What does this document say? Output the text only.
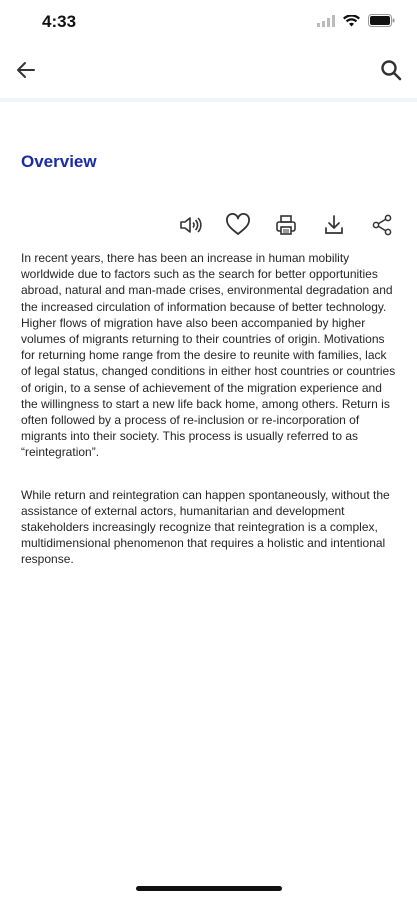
4:33
Overview

In recent years, there has been an increase in human mobility worldwide due to factors such as the search for better opportunities abroad, natural and man-made crises, environmental degradation and the increased circulation of information because of better technology. Higher flows of migration have also been accompanied by higher volumes of migrants returning to their countries of origin. Motivations for returning home range from the desire to reunite with families, lack of legal status, changed conditions in either host countries or countries of origin, to a sense of achievement of the migration experience and the willingness to start a new life back home, among others. Return is often followed by a process of re-inclusion or re-incorporation of migrants into their society. This process is usually referred to as “reintegration”.

While return and reintegration can happen spontaneously, without the assistance of external actors, humanitarian and development stakeholders increasingly recognize that reintegration is a complex, multidimensional phenomenon that requires a holistic and intentional response.
